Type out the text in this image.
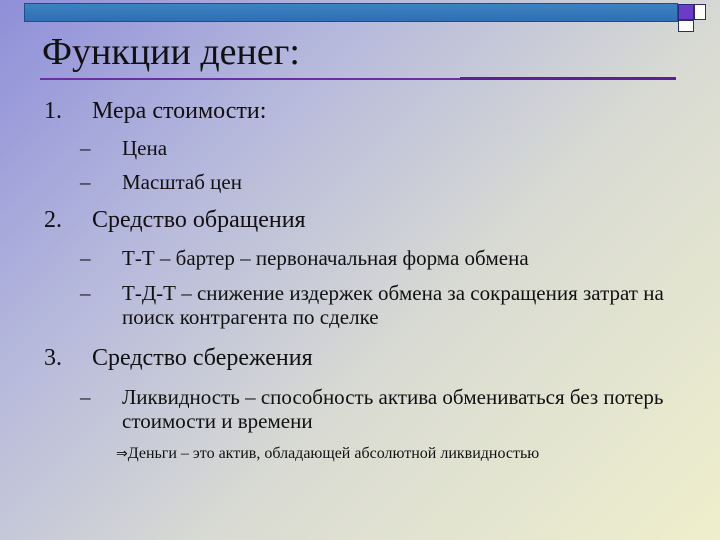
Функции денег:
1. Мера стоимости:
– Цена
– Масштаб цен
2. Средство обращения
– Т-Т – бартер – первоначальная форма обмена
– Т-Д-Т – снижение издержек обмена за сокращения затрат на поиск контрагента по сделке
3. Средство сбережения
– Ликвидность – способность актива обмениваться без потерь стоимости и времени
⇒Деньги – это актив, обладающей абсолютной ликвидностью
